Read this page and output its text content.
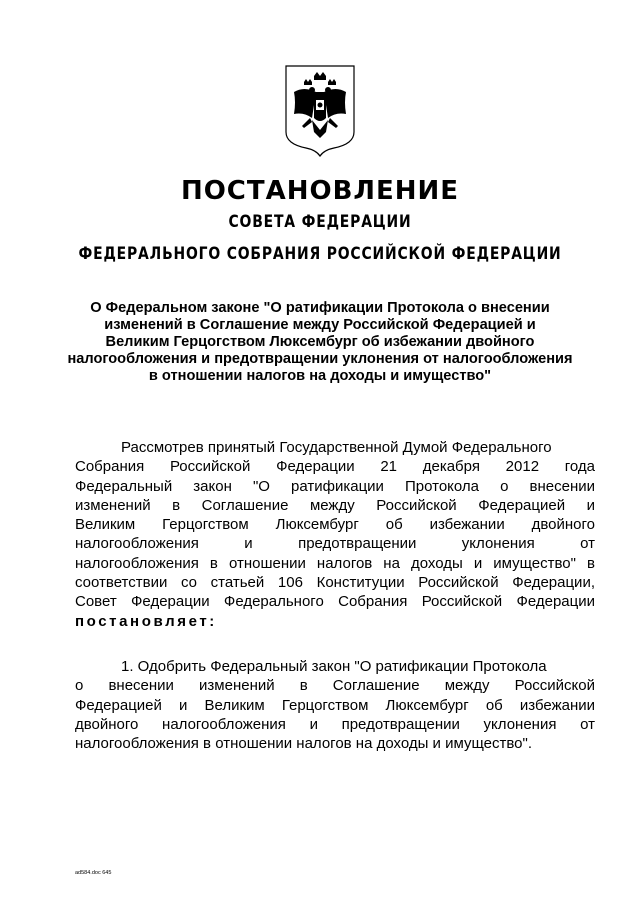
ПОСТАНОВЛЕНИЕ
СОВЕТА ФЕДЕРАЦИИ
ФЕДЕРАЛЬНОГО СОБРАНИЯ РОССИЙСКОЙ ФЕДЕРАЦИИ
О Федеральном законе "О ратификации Протокола о внесении
изменений в Соглашение между Российской Федерацией и
Великим Герцогством Люксембург об избежании двойного
налогообложения и предотвращении уклонения от налогообложения
в отношении налогов на доходы и имущество"
Рассмотрев принятый Государственной Думой Федерального
Собрания Российской Федерации 21 декабря 2012 года
Федеральный закон "О ратификации Протокола о внесении
изменений в Соглашение между Российской Федерацией и
Великим Герцогством Люксембург об избежании двойного
налогообложения и предотвращении уклонения от
налогообложения в отношении налогов на доходы и имущество" в
соответствии со статьей 106 Конституции Российской Федерации,
Совет Федерации Федерального Собрания Российской Федерации
постановляет:
1. Одобрить Федеральный закон "О ратификации Протокола
о внесении изменений в Соглашение между Российской
Федерацией и Великим Герцогством Люксембург об избежании
двойного налогообложения и предотвращении уклонения от
налогообложения в отношении налогов на доходы и имущество".
ad584.doc 645
